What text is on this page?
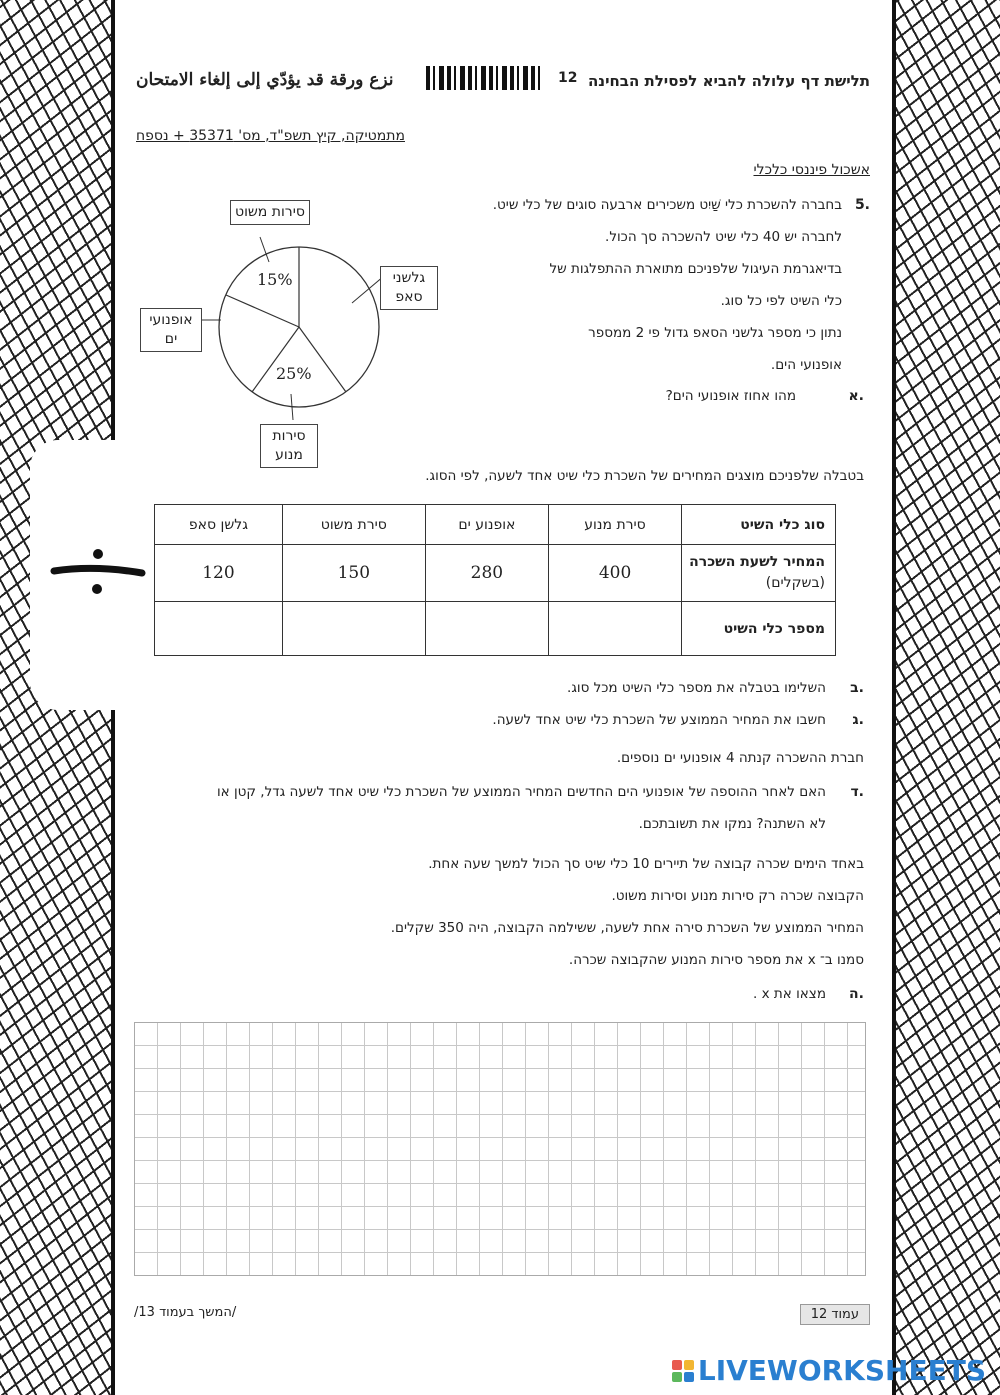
תלישת דף עלולה להביא לפסילת הבחינה
12
نزع ورقة قد يؤدّي إلى إلغاء الامتحان
מתמטיקה, קיץ תשפ"ד, מס' 35371 + נספח
אשכול פיננסי כלכלי
5.
בחברה להשכרת כלי שַׁיִט משכירים ארבעה סוגים של כלי שיט.
לחברה יש 40 כלי שיט להשכרה סך הכול.
בדיאגרמת העיגול שלפניכם מתוארת ההתפלגות של
כלי השיט לפי כל סוג.
נתון כי מספר גלשני הסאפ גדול פי 2 ממספר
אופנועי הים.
א.
מהו אחוז אופנועי הים?
סירות משוט
גלשני סאפ
אופנועי ים
סירות מנוע
15%
25%
בטבלה שלפניכם מוצגים המחירים של השכרת כלי שיט אחד לשעה, לפי הסוג.
סוג כלי השיט	סירת מנוע	אופנוע ים	סירת משוט	גלשן סאפ

המחיר לשעת השכרה
(בשקלים)	400	280	150	120
מספר כלי השיט				
ב.
השלימו בטבלה את מספר כלי השיט מכל סוג.
ג.
חשבו את המחיר הממוצע של השכרת כלי שיט אחד לשעה.
חברת ההשכרה קנתה 4 אופנועי ים נוספים.
ד.
האם לאחר ההוספה של אופנועי הים החדשים המחיר הממוצע של השכרת כלי שיט אחד לשעה גדל, קטן או
לא השתנה? נמקו את תשובתכם.
באחד הימים שכרה קבוצה של תיירים 10 כלי שיט סך הכול למשך שעה אחת.
הקבוצה שכרה רק סירות מנוע וסירות משוט.
המחיר הממוצע של השכרת סירה אחת לשעה, ששילמה הקבוצה, היה 350 שקלים.
סמנו ב־ x את מספר סירות המנוע שהקבוצה שכרה.
ה.
מצאו את x .
עמוד 12
/המשך בעמוד 13/
LIVEWORKSHEETS
